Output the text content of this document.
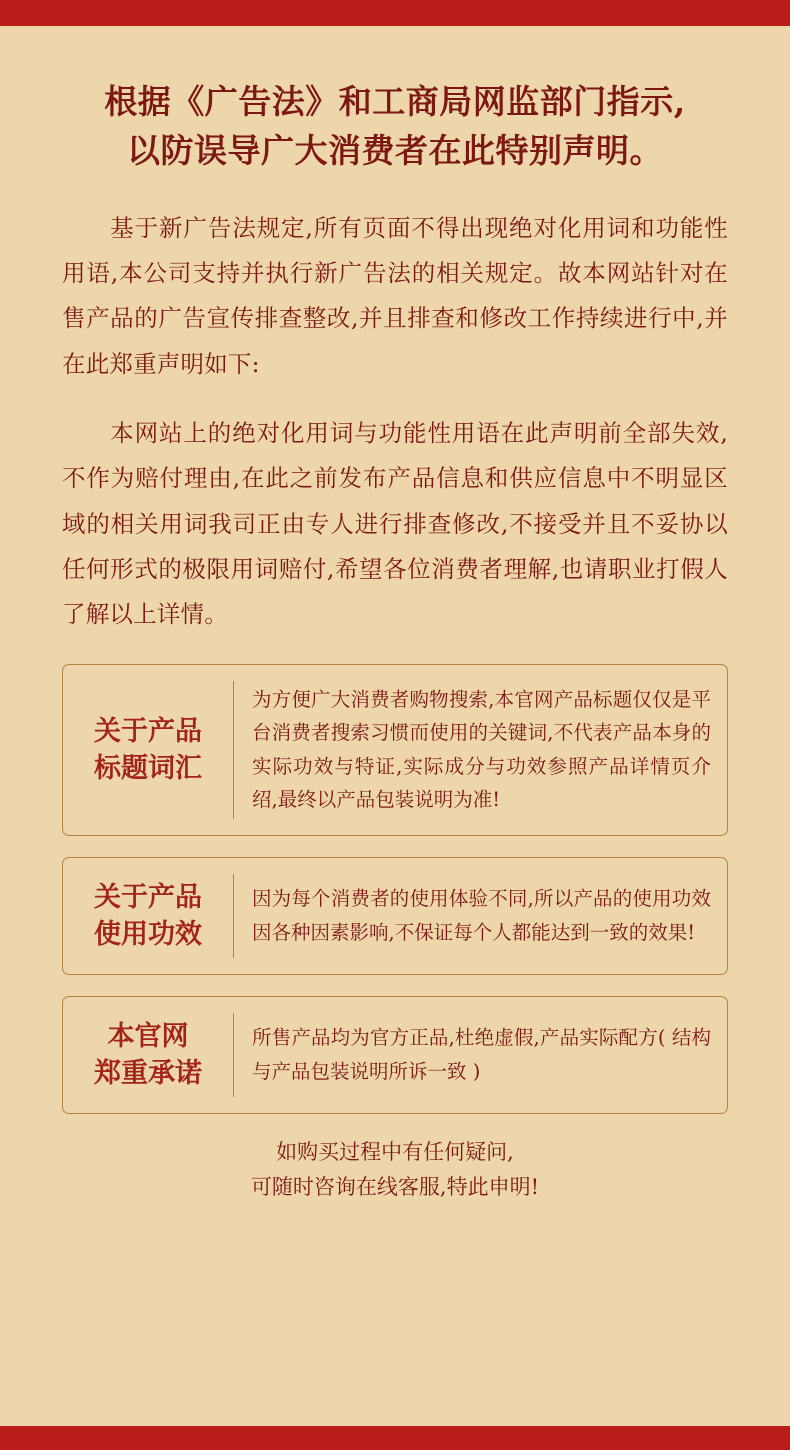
根据《广告法》和工商局网监部门指示,
以防误导广大消费者在此特别声明。

基于新广告法规定,所有页面不得出现绝对化用词和功能性用语,本公司支持并执行新广告法的相关规定。故本网站针对在售产品的广告宣传排查整改,并且排查和修改工作持续进行中,并在此郑重声明如下:

本网站上的绝对化用词与功能性用语在此声明前全部失效,不作为赔付理由,在此之前发布产品信息和供应信息中不明显区域的相关用词我司正由专人进行排查修改,不接受并且不妥协以任何形式的极限用词赔付,希望各位消费者理解,也请职业打假人了解以上详情。

关于产品
标题词汇
为方便广大消费者购物搜索,本官网产品标题仅仅是平台消费者搜索习惯而使用的关键词,不代表产品本身的实际功效与特证,实际成分与功效参照产品详情页介绍,最终以产品包装说明为准!
关于产品
使用功效
因为每个消费者的使用体验不同,所以产品的使用功效因各种因素影响,不保证每个人都能达到一致的效果!
本官网
郑重承诺
所售产品均为官方正品,杜绝虚假,产品实际配方( 结构与产品包装说明所诉一致 )
如购买过程中有任何疑问,
可随时咨询在线客服,特此申明!
